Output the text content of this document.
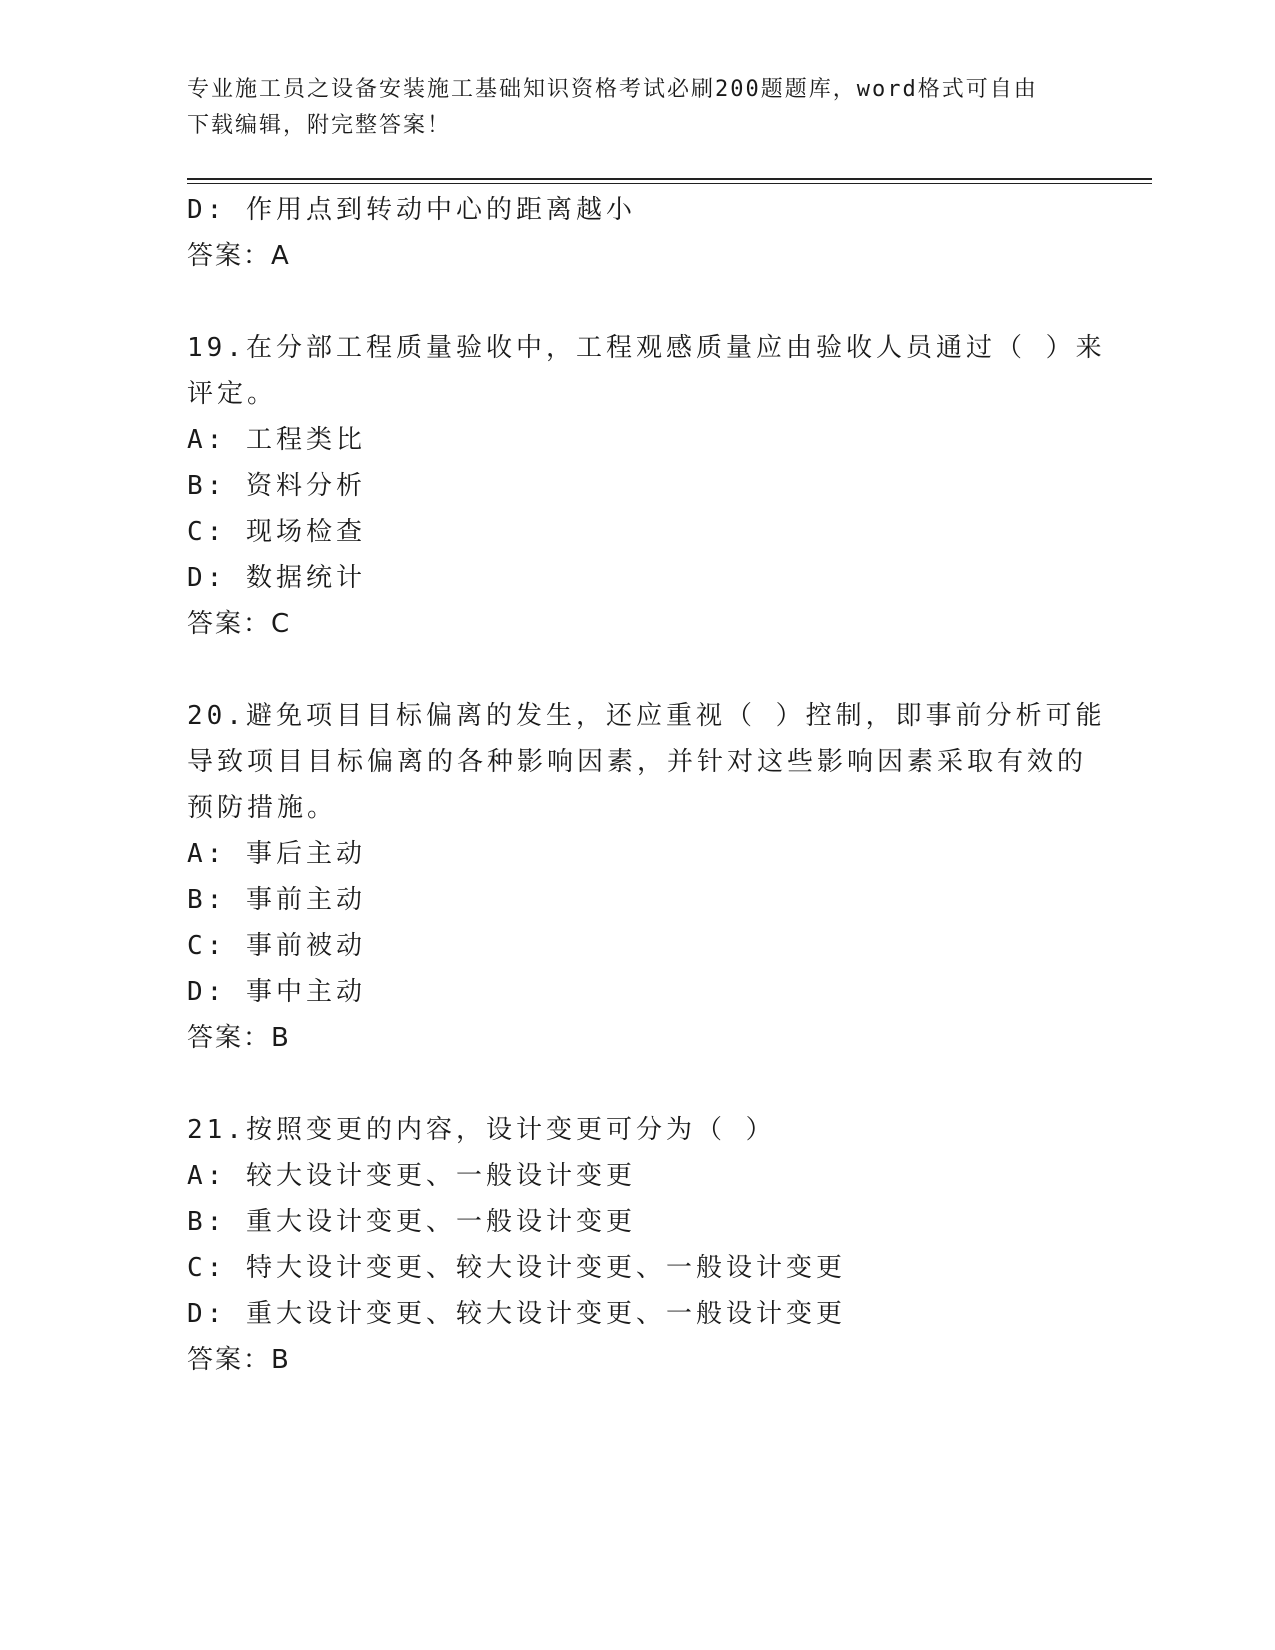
专业施工员之设备安装施工基础知识资格考试必刷200题题库，word格式可自由
下载编辑，附完整答案！
D: 作用点到转动中心的距离越小
答案：A
19.在分部工程质量验收中，工程观感质量应由验收人员通过（ ）来
评定。
A: 工程类比
B: 资料分析
C: 现场检查
D: 数据统计
答案：C
20.避免项目目标偏离的发生，还应重视（ ）控制，即事前分析可能
导致项目目标偏离的各种影响因素，并针对这些影响因素采取有效的
预防措施。
A: 事后主动
B: 事前主动
C: 事前被动
D: 事中主动
答案：B
21.按照变更的内容，设计变更可分为（ ）
A: 较大设计变更、一般设计变更
B: 重大设计变更、一般设计变更
C: 特大设计变更、较大设计变更、一般设计变更
D: 重大设计变更、较大设计变更、一般设计变更
答案：B
